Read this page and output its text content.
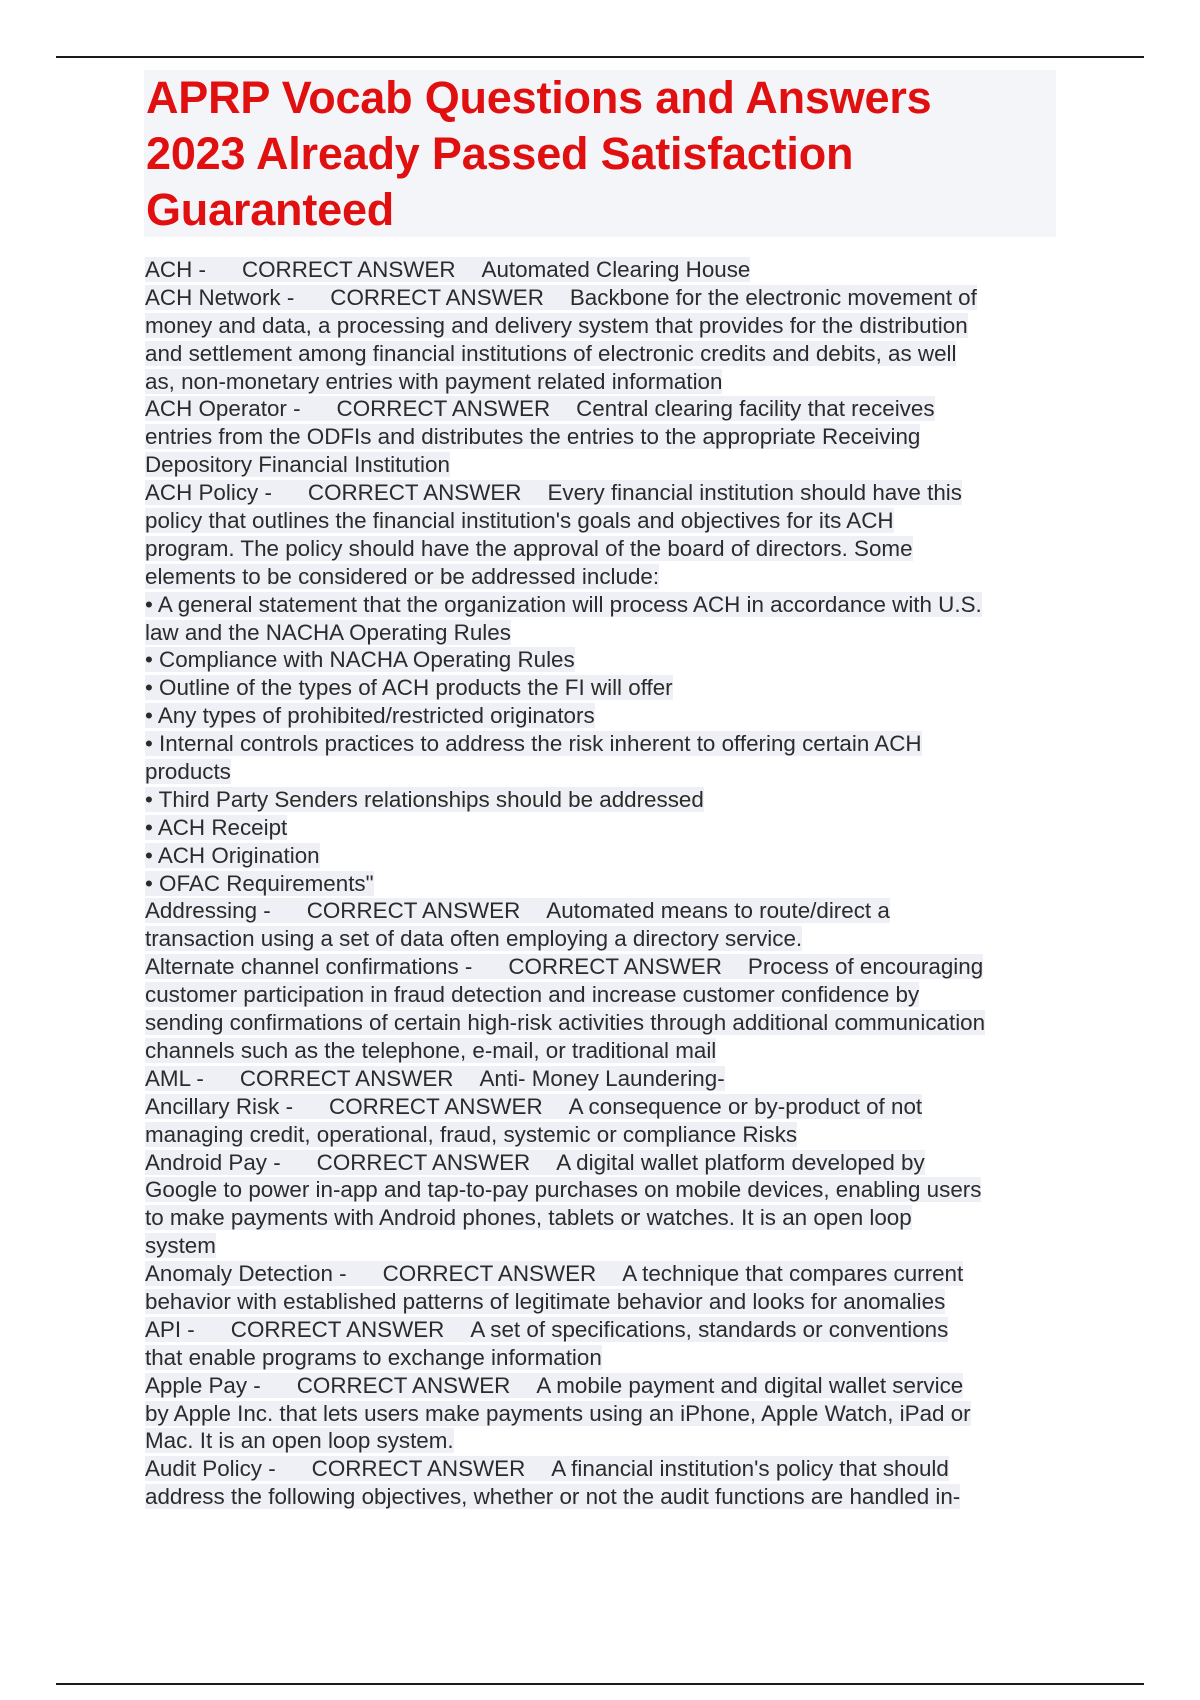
APRP Vocab Questions and Answers
2023 Already Passed Satisfaction
Guaranteed
ACH - CORRECT ANSWER Automated Clearing House
ACH Network - CORRECT ANSWER Backbone for the electronic movement of
money and data, a processing and delivery system that provides for the distribution
and settlement among financial institutions of electronic credits and debits, as well
as, non-monetary entries with payment related information
ACH Operator - CORRECT ANSWER Central clearing facility that receives
entries from the ODFIs and distributes the entries to the appropriate Receiving
Depository Financial Institution
ACH Policy - CORRECT ANSWER Every financial institution should have this
policy that outlines the financial institution's goals and objectives for its ACH
program. The policy should have the approval of the board of directors. Some
elements to be considered or be addressed include:
• A general statement that the organization will process ACH in accordance with U.S.
law and the NACHA Operating Rules
• Compliance with NACHA Operating Rules
• Outline of the types of ACH products the FI will offer
• Any types of prohibited/restricted originators
• Internal controls practices to address the risk inherent to offering certain ACH
products
• Third Party Senders relationships should be addressed
• ACH Receipt
• ACH Origination
• OFAC Requirements"
Addressing - CORRECT ANSWER Automated means to route/direct a
transaction using a set of data often employing a directory service.
Alternate channel confirmations - CORRECT ANSWER Process of encouraging
customer participation in fraud detection and increase customer confidence by
sending confirmations of certain high-risk activities through additional communication
channels such as the telephone, e-mail, or traditional mail
AML - CORRECT ANSWER Anti- Money Laundering-
Ancillary Risk - CORRECT ANSWER A consequence or by-product of not
managing credit, operational, fraud, systemic or compliance Risks
Android Pay - CORRECT ANSWER A digital wallet platform developed by
Google to power in-app and tap-to-pay purchases on mobile devices, enabling users
to make payments with Android phones, tablets or watches. It is an open loop
system
Anomaly Detection - CORRECT ANSWER A technique that compares current
behavior with established patterns of legitimate behavior and looks for anomalies
API - CORRECT ANSWER A set of specifications, standards or conventions
that enable programs to exchange information
Apple Pay - CORRECT ANSWER A mobile payment and digital wallet service
by Apple Inc. that lets users make payments using an iPhone, Apple Watch, iPad or
Mac. It is an open loop system.
Audit Policy - CORRECT ANSWER A financial institution's policy that should
address the following objectives, whether or not the audit functions are handled in-
